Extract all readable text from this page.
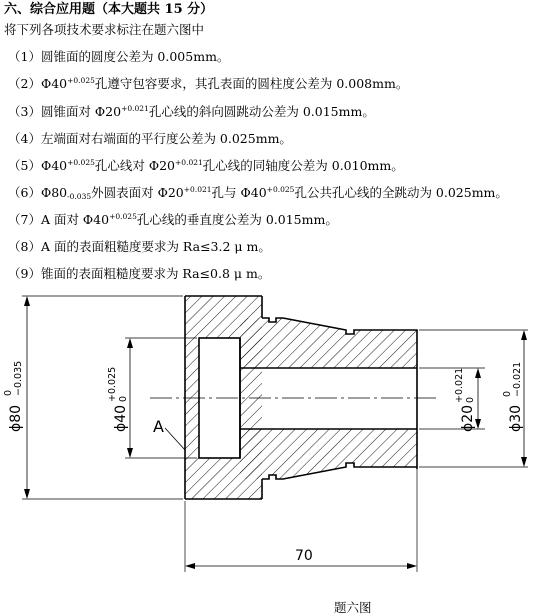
六、综合应用题（本大题共 15 分）
将下列各项技术要求标注在题六图中
（1）圆锥面的圆度公差为 0.005mm。
$(2)\Phi 40^{+0.025}$孔遵守包容要求，其孔表面的圆柱度公差为 0.008mm。
（3）圆锥面对 $\Phi 20^{+0.021}$孔心线的斜向圆跳动公差为 0.015mm。
（4）左端面对右端面的平行度公差为 0.025mm。
$(5)\Phi 40^{+0.025}$孔心线对 $\Phi 20^{+0.021}$孔心线的同轴度公差为 0.010mm。
$(6)\Phi 80_{-0.035}$外圆表面对 $\Phi 20^{+0.021}$孔与 $\Phi 40^{+0.025}$孔公共孔心线的全跳动为 0.025mm。
（7）A 面对 $\Phi 40^{+0.025}$孔心线的垂直度公差为 0.015mm。
（8）A 面的表面粗糙度要求为 Ra≤3.2 μ m。
（9）锥面的表面粗糙度要求为 Ra≤0.8 μ m。
ϕ80
0 −0.035
ϕ40
+0.025 0
ϕ20
+0.021 0
ϕ30
0 −0.021
70
A
题六图
